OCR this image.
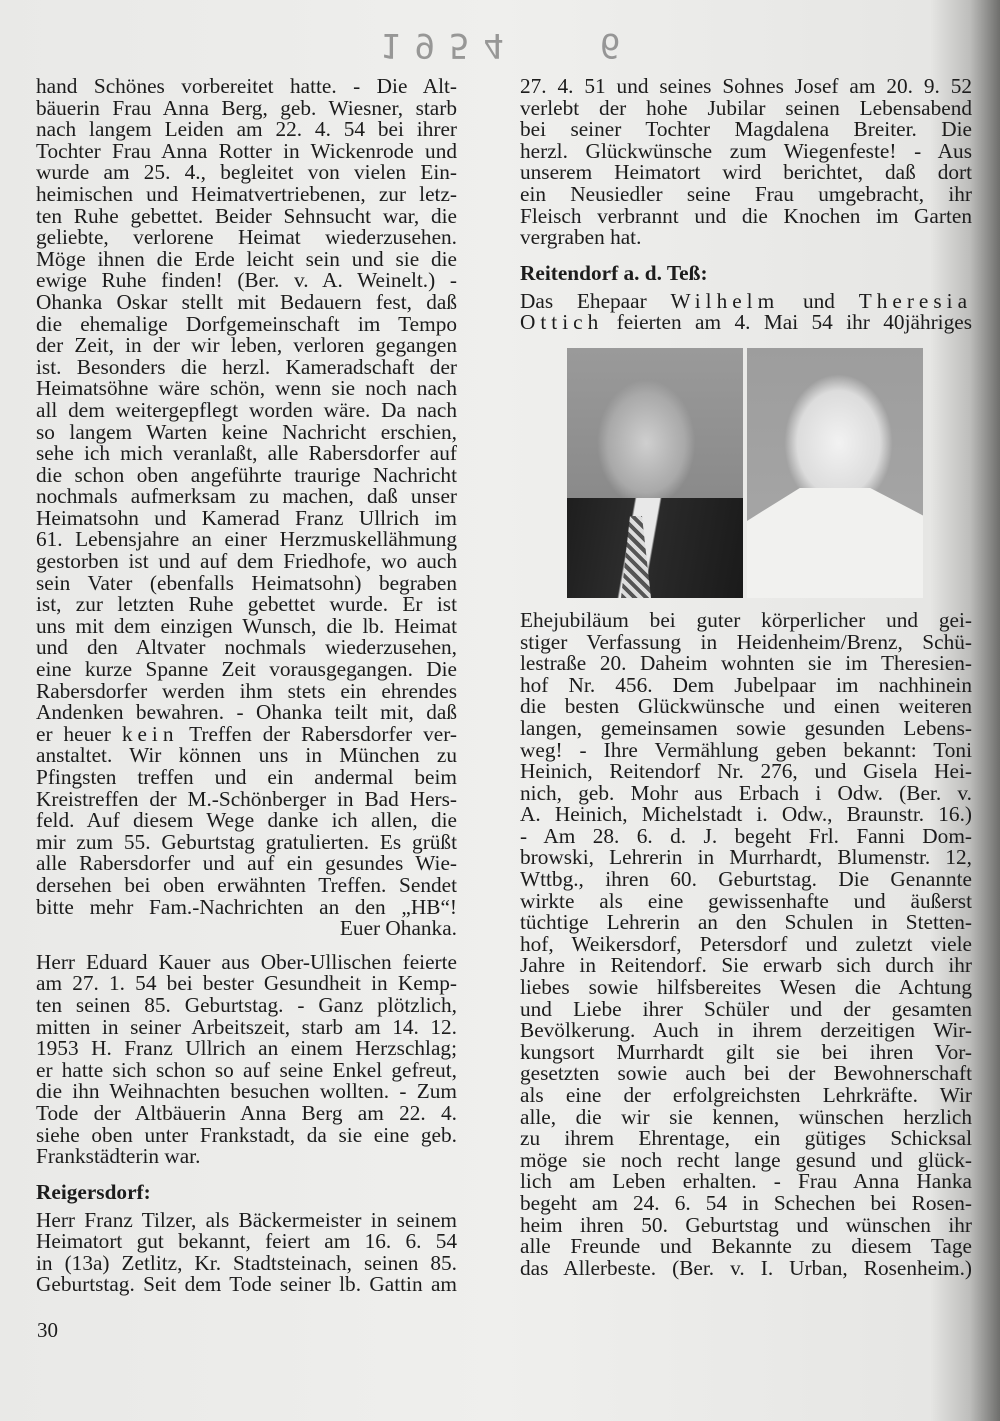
6
1954
hand Schönes vorbereitet hatte. - Die Alt-
bäuerin Frau Anna Berg, geb. Wiesner, starb
nach langem Leiden am 22. 4. 54 bei ihrer
Tochter Frau Anna Rotter in Wickenrode und
wurde am 25. 4., begleitet von vielen Ein-
heimischen und Heimatvertriebenen, zur letz-
ten Ruhe gebettet. Beider Sehnsucht war, die
geliebte, verlorene Heimat wiederzusehen.
Möge ihnen die Erde leicht sein und sie die
ewige Ruhe finden! (Ber. v. A. Weinelt.) -
Ohanka Oskar stellt mit Bedauern fest, daß
die ehemalige Dorfgemeinschaft im Tempo
der Zeit, in der wir leben, verloren gegangen
ist. Besonders die herzl. Kameradschaft der
Heimatsöhne wäre schön, wenn sie noch nach
all dem weitergepflegt worden wäre. Da nach
so langem Warten keine Nachricht erschien,
sehe ich mich veranlaßt, alle Rabersdorfer auf
die schon oben angeführte traurige Nachricht
nochmals aufmerksam zu machen, daß unser
Heimatsohn und Kamerad Franz Ullrich im
61. Lebensjahre an einer Herzmuskellähmung
gestorben ist und auf dem Friedhofe, wo auch
sein Vater (ebenfalls Heimatsohn) begraben
ist, zur letzten Ruhe gebettet wurde. Er ist
uns mit dem einzigen Wunsch, die lb. Heimat
und den Altvater nochmals wiederzusehen,
eine kurze Spanne Zeit vorausgegangen. Die
Rabersdorfer werden ihm stets ein ehrendes
Andenken bewahren. - Ohanka teilt mit, daß
er heuer kein Treffen der Rabersdorfer ver-
anstaltet. Wir können uns in München zu
Pfingsten treffen und ein andermal beim
Kreistreffen der M.-Schönberger in Bad Hers-
feld. Auf diesem Wege danke ich allen, die
mir zum 55. Geburtstag gratulierten. Es grüßt
alle Rabersdorfer und auf ein gesundes Wie-
dersehen bei oben erwähnten Treffen. Sendet
bitte mehr Fam.-Nachrichten an den „HB“!
Euer Ohanka.
Herr Eduard Kauer aus Ober-Ullischen feierte
am 27. 1. 54 bei bester Gesundheit in Kemp-
ten seinen 85. Geburtstag. - Ganz plötzlich,
mitten in seiner Arbeitszeit, starb am 14. 12.
1953 H. Franz Ullrich an einem Herzschlag;
er hatte sich schon so auf seine Enkel gefreut,
die ihn Weihnachten besuchen wollten. - Zum
Tode der Altbäuerin Anna Berg am 22. 4.
siehe oben unter Frankstadt, da sie eine geb.
Frankstädterin war.
Reigersdorf:
Herr Franz Tilzer, als Bäckermeister in seinem
Heimatort gut bekannt, feiert am 16. 6. 54
in (13a) Zetlitz, Kr. Stadtsteinach, seinen 85.
Geburtstag. Seit dem Tode seiner lb. Gattin am
27. 4. 51 und seines Sohnes Josef am 20. 9. 52
verlebt der hohe Jubilar seinen Lebensabend
bei seiner Tochter Magdalena Breiter. Die
herzl. Glückwünsche zum Wiegenfeste! - Aus
unserem Heimatort wird berichtet, daß dort
ein Neusiedler seine Frau umgebracht, ihr
Fleisch verbrannt und die Knochen im Garten
vergraben hat.
Reitendorf a. d. Teß:
Das Ehepaar Wilhelm und Theresia
Ottich feierten am 4. Mai 54 ihr 40jähriges
Ehejubiläum bei guter körperlicher und gei-
stiger Verfassung in Heidenheim/Brenz, Schü-
lestraße 20. Daheim wohnten sie im Theresien-
hof Nr. 456. Dem Jubelpaar im nachhinein
die besten Glückwünsche und einen weiteren
langen, gemeinsamen sowie gesunden Lebens-
weg! - Ihre Vermählung geben bekannt: Toni
Heinich, Reitendorf Nr. 276, und Gisela Hei-
nich, geb. Mohr aus Erbach i Odw. (Ber. v.
A. Heinich, Michelstadt i. Odw., Braunstr. 16.)
- Am 28. 6. d. J. begeht Frl. Fanni Dom-
browski, Lehrerin in Murrhardt, Blumenstr. 12,
Wttbg., ihren 60. Geburtstag. Die Genannte
wirkte als eine gewissenhafte und äußerst
tüchtige Lehrerin an den Schulen in Stetten-
hof, Weikersdorf, Petersdorf und zuletzt viele
Jahre in Reitendorf. Sie erwarb sich durch ihr
liebes sowie hilfsbereites Wesen die Achtung
und Liebe ihrer Schüler und der gesamten
Bevölkerung. Auch in ihrem derzeitigen Wir-
kungsort Murrhardt gilt sie bei ihren Vor-
gesetzten sowie auch bei der Bewohnerschaft
als eine der erfolgreichsten Lehrkräfte. Wir
alle, die wir sie kennen, wünschen herzlich
zu ihrem Ehrentage, ein gütiges Schicksal
möge sie noch recht lange gesund und glück-
lich am Leben erhalten. - Frau Anna Hanka
begeht am 24. 6. 54 in Schechen bei Rosen-
heim ihren 50. Geburtstag und wünschen ihr
alle Freunde und Bekannte zu diesem Tage
das Allerbeste. (Ber. v. I. Urban, Rosenheim.)
30
